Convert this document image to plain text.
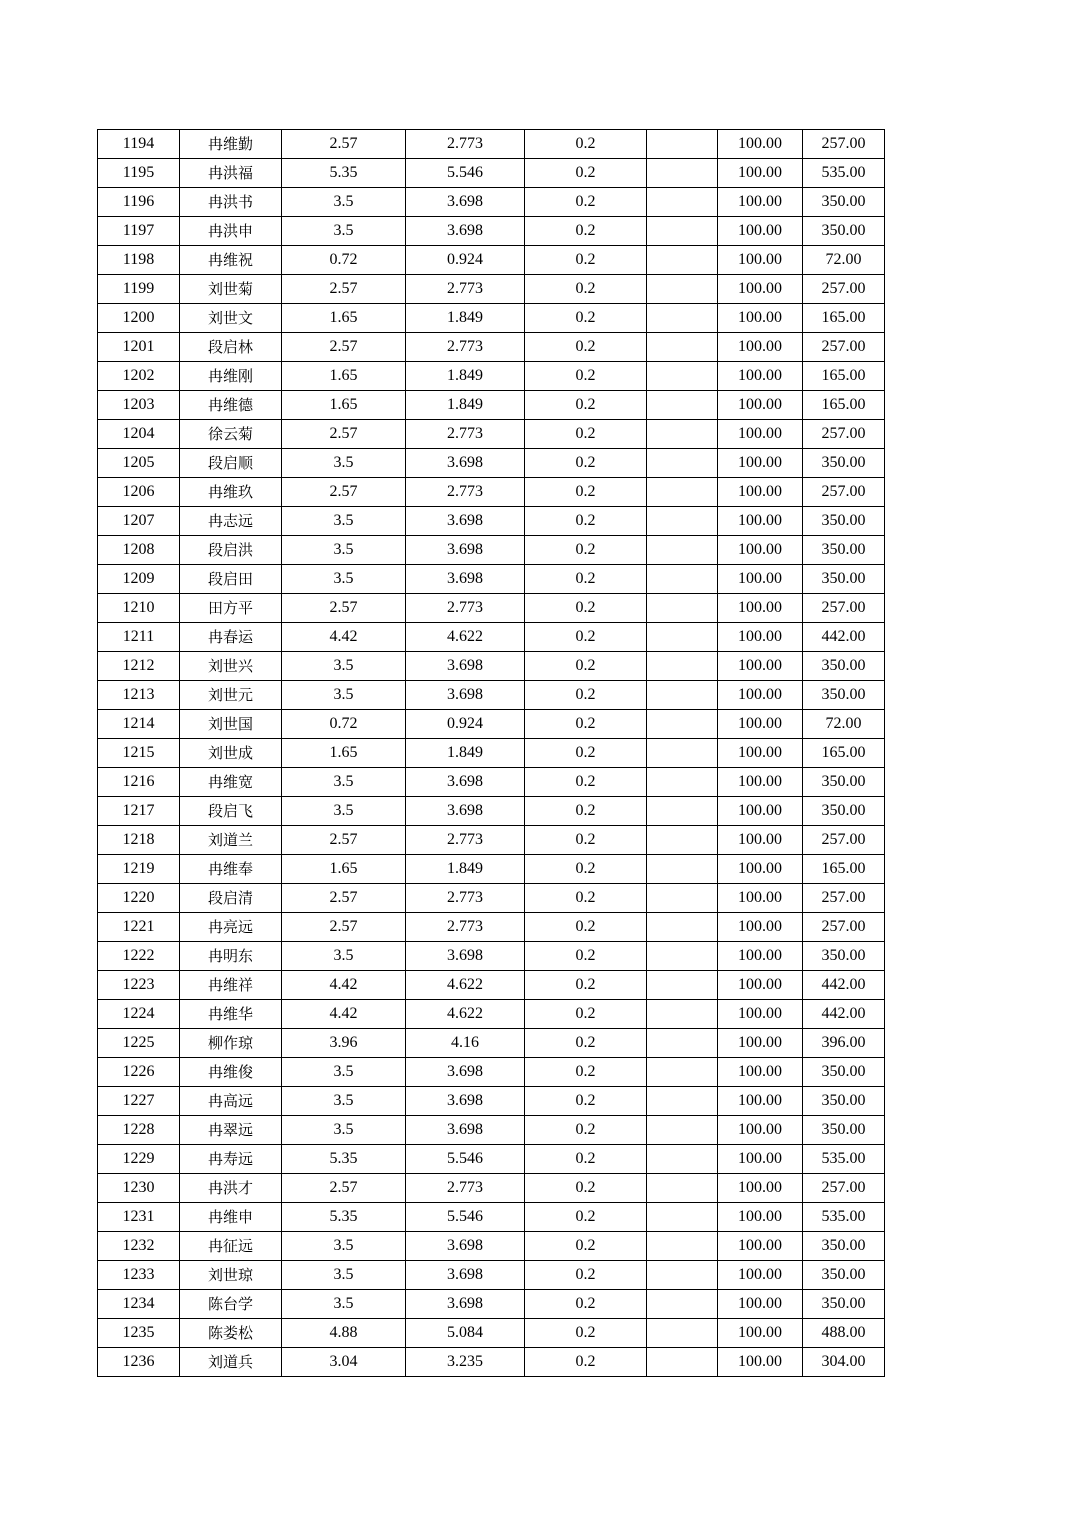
1194	冉维勤	2.57	2.773	0.2		100.00	257.00
1195	冉洪福	5.35	5.546	0.2		100.00	535.00
1196	冉洪书	3.5	3.698	0.2		100.00	350.00
1197	冉洪申	3.5	3.698	0.2		100.00	350.00
1198	冉维祝	0.72	0.924	0.2		100.00	72.00
1199	刘世菊	2.57	2.773	0.2		100.00	257.00
1200	刘世文	1.65	1.849	0.2		100.00	165.00
1201	段启林	2.57	2.773	0.2		100.00	257.00
1202	冉维刚	1.65	1.849	0.2		100.00	165.00
1203	冉维德	1.65	1.849	0.2		100.00	165.00
1204	徐云菊	2.57	2.773	0.2		100.00	257.00
1205	段启顺	3.5	3.698	0.2		100.00	350.00
1206	冉维玖	2.57	2.773	0.2		100.00	257.00
1207	冉志远	3.5	3.698	0.2		100.00	350.00
1208	段启洪	3.5	3.698	0.2		100.00	350.00
1209	段启田	3.5	3.698	0.2		100.00	350.00
1210	田方平	2.57	2.773	0.2		100.00	257.00
1211	冉春运	4.42	4.622	0.2		100.00	442.00
1212	刘世兴	3.5	3.698	0.2		100.00	350.00
1213	刘世元	3.5	3.698	0.2		100.00	350.00
1214	刘世国	0.72	0.924	0.2		100.00	72.00
1215	刘世成	1.65	1.849	0.2		100.00	165.00
1216	冉维宽	3.5	3.698	0.2		100.00	350.00
1217	段启飞	3.5	3.698	0.2		100.00	350.00
1218	刘道兰	2.57	2.773	0.2		100.00	257.00
1219	冉维奉	1.65	1.849	0.2		100.00	165.00
1220	段启清	2.57	2.773	0.2		100.00	257.00
1221	冉亮远	2.57	2.773	0.2		100.00	257.00
1222	冉明东	3.5	3.698	0.2		100.00	350.00
1223	冉维祥	4.42	4.622	0.2		100.00	442.00
1224	冉维华	4.42	4.622	0.2		100.00	442.00
1225	柳作琼	3.96	4.16	0.2		100.00	396.00
1226	冉维俊	3.5	3.698	0.2		100.00	350.00
1227	冉高远	3.5	3.698	0.2		100.00	350.00
1228	冉翠远	3.5	3.698	0.2		100.00	350.00
1229	冉寿远	5.35	5.546	0.2		100.00	535.00
1230	冉洪才	2.57	2.773	0.2		100.00	257.00
1231	冉维申	5.35	5.546	0.2		100.00	535.00
1232	冉征远	3.5	3.698	0.2		100.00	350.00
1233	刘世琼	3.5	3.698	0.2		100.00	350.00
1234	陈台学	3.5	3.698	0.2		100.00	350.00
1235	陈娄松	4.88	5.084	0.2		100.00	488.00
1236	刘道兵	3.04	3.235	0.2		100.00	304.00
